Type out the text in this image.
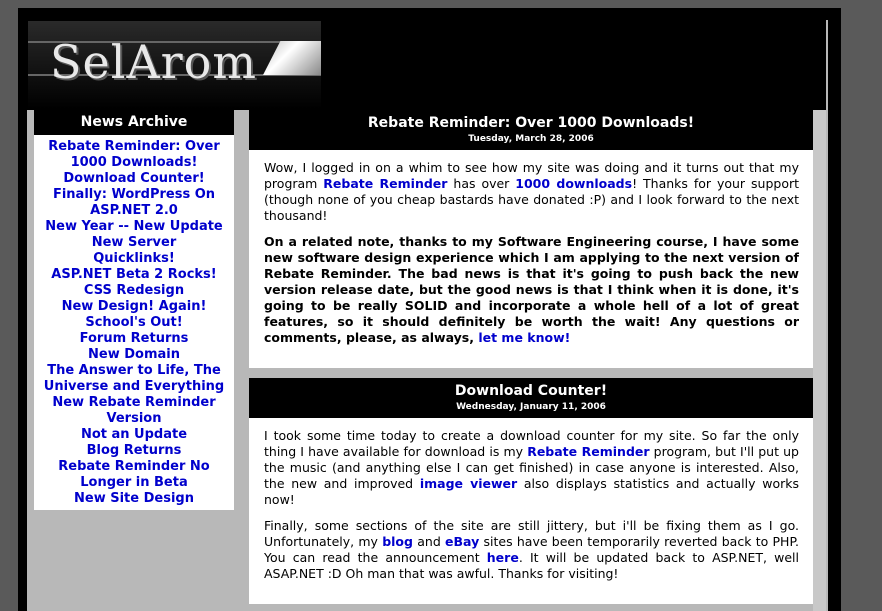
SelArom
News Archive
Rebate Reminder: Over 1000 Downloads!
Download Counter!
Finally: WordPress On ASP.NET 2.0
New Year -- New Update
New Server
Quicklinks!
ASP.NET Beta 2 Rocks!
CSS Redesign
New Design! Again!
School's Out!
Forum Returns
New Domain
The Answer to Life, The Universe and Everything
New Rebate Reminder Version
Not an Update
Blog Returns
Rebate Reminder No Longer in Beta
New Site Design
Rebate Reminder: Over 1000 Downloads!
Tuesday, March 28, 2006

Wow, I logged in on a whim to see how my site was doing and it turns out that my program Rebate Reminder has over 1000 downloads! Thanks for your support (though none of you cheap bastards have donated :P) and I look forward to the next thousand!

On a related note, thanks to my Software Engineering course, I have some new software design experience which I am applying to the next version of Rebate Reminder. The bad news is that it's going to push back the new version release date, but the good news is that I think when it is done, it's going to be really SOLID and incorporate a whole hell of a lot of great features, so it should definitely be worth the wait! Any questions or comments, please, as always, let me know!

Download Counter!
Wednesday, January 11, 2006

I took some time today to create a download counter for my site. So far the only thing I have available for download is my Rebate Reminder program, but I'll put up the music (and anything else I can get finished) in case anyone is interested. Also, the new and improved image viewer also displays statistics and actually works now!

Finally, some sections of the site are still jittery, but i'll be fixing them as I go. Unfortunately, my blog and eBay sites have been temporarily reverted back to PHP. You can read the announcement here. It will be updated back to ASP.NET, well ASAP.NET :D Oh man that was awful. Thanks for visiting!
